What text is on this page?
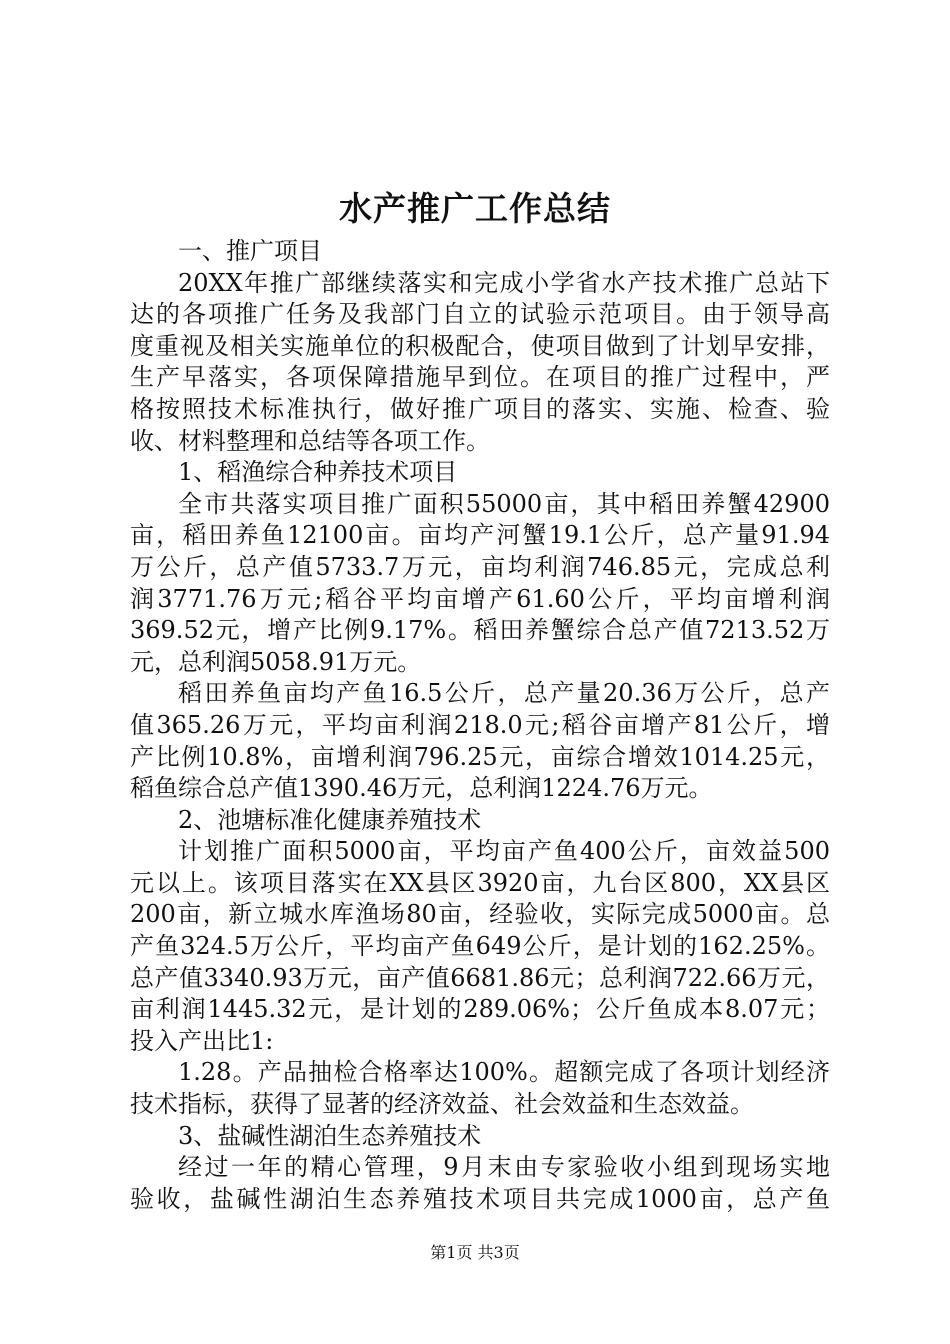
水产推广工作总结
一、推广项目
20XX年推广部继续落实和完成小学省水产技术推广总站下
达的各项推广任务及我部门自立的试验示范项目。由于领导高
度重视及相关实施单位的积极配合，使项目做到了计划早安排，
生产早落实，各项保障措施早到位。在项目的推广过程中，严
格按照技术标准执行，做好推广项目的落实、实施、检查、验
收、材料整理和总结等各项工作。
1、稻渔综合种养技术项目
全市共落实项目推广面积55000亩，其中稻田养蟹42900
亩，稻田养鱼12100亩。亩均产河蟹19.1公斤，总产量91.94
万公斤，总产值5733.7万元，亩均利润746.85元，完成总利
润3771.76万元;稻谷平均亩增产61.60公斤，平均亩增利润
369.52元，增产比例9.17%。稻田养蟹综合总产值7213.52万
元，总利润5058.91万元。
稻田养鱼亩均产鱼16.5公斤，总产量20.36万公斤，总产
值365.26万元，平均亩利润218.0元;稻谷亩增产81公斤，增
产比例10.8%，亩增利润796.25元，亩综合增效1014.25元，
稻鱼综合总产值1390.46万元，总利润1224.76万元。
2、池塘标准化健康养殖技术
计划推广面积5000亩，平均亩产鱼400公斤，亩效益500
元以上。该项目落实在XX县区3920亩，九台区800，XX县区
200亩，新立城水库渔场80亩，经验收，实际完成5000亩。总
产鱼324.5万公斤，平均亩产鱼649公斤，是计划的162.25%。
总产值3340.93万元，亩产值6681.86元；总利润722.66万元，
亩利润1445.32元，是计划的289.06%；公斤鱼成本8.07元；
投入产出比1:
1.28。产品抽检合格率达100%。超额完成了各项计划经济
技术指标，获得了显著的经济效益、社会效益和生态效益。
3、盐碱性湖泊生态养殖技术
经过一年的精心管理，9月末由专家验收小组到现场实地
验收，盐碱性湖泊生态养殖技术项目共完成1000亩，总产鱼
第1页 共3页
